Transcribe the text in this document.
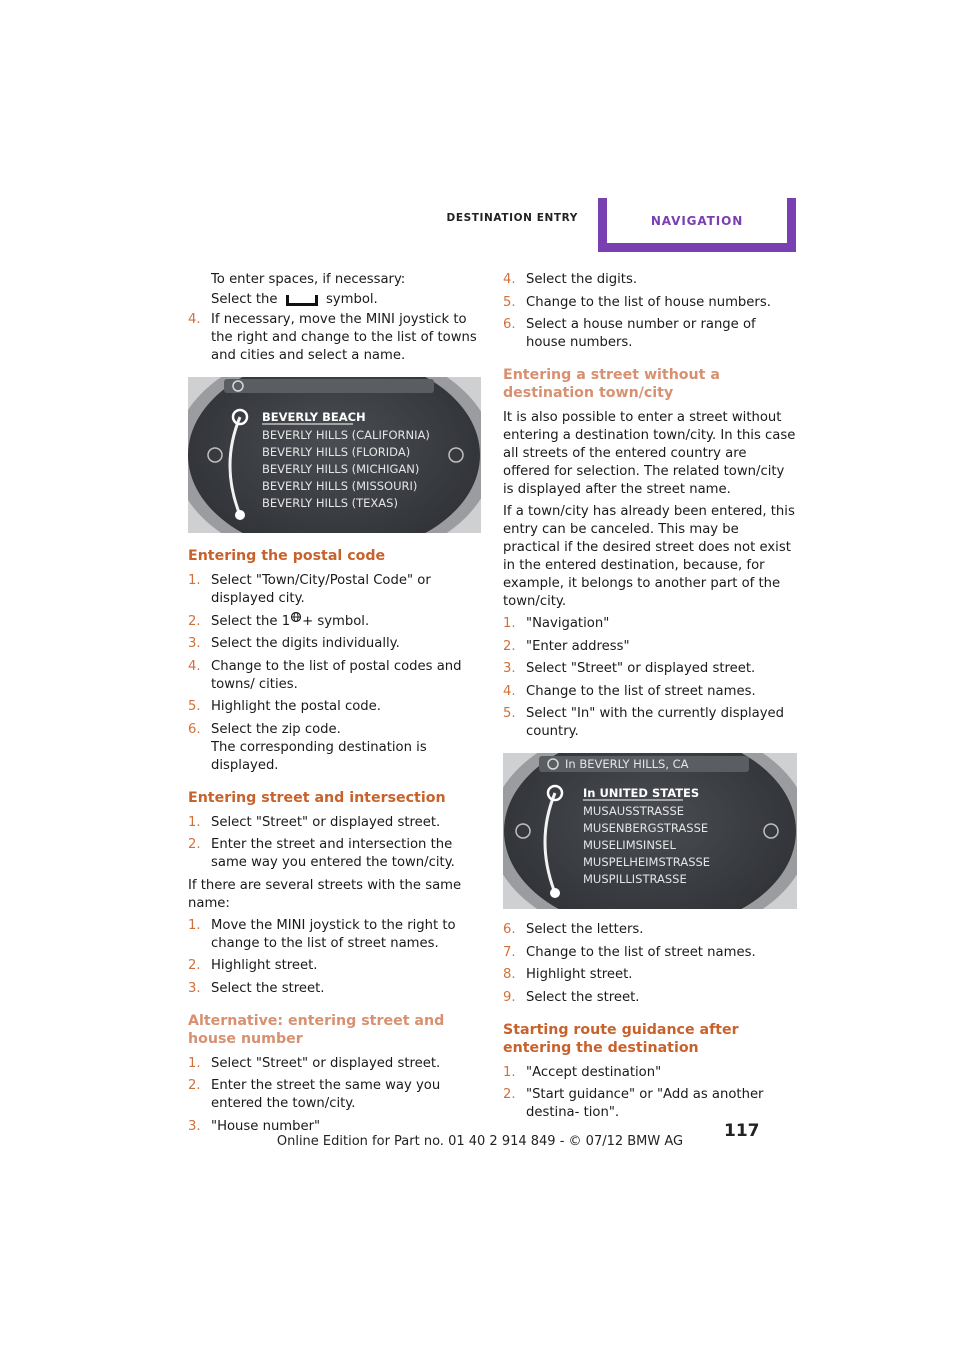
DESTINATION ENTRY	NAVIGATION
To enter spaces, if necessary:
Select the	symbol.
4. If necessary, move the MINI joystick to the right and change to the list of towns and cities and select a name.
BEVERLY BEACH
BEVERLY HILLS (CALIFORNIA)
BEVERLY HILLS (FLORIDA)
BEVERLY HILLS (MICHIGAN)
BEVERLY HILLS (MISSOURI)
BEVERLY HILLS (TEXAS)
Entering the postal code
1. Select "Town/City/Postal Code" or displayed city.
2. Select the 1 + symbol.
3. Select the digits individually.
4. Change to the list of postal codes and towns/ cities.
5. Highlight the postal code.
6. Select the zip code.
The corresponding destination is displayed.
Entering street and intersection
1. Select "Street" or displayed street.
2. Enter the street and intersection the same way you entered the town/city.

If there are several streets with the same name:

1. Move the MINI joystick to the right to change to the list of street names.
2. Highlight street.
3. Select the street.
Alternative: entering street and house number
1. Select "Street" or displayed street.
2. Enter the street the same way you entered the town/city.
3. "House number"
4. Select the digits.
5. Change to the list of house numbers.
6. Select a house number or range of house numbers.
Entering a street without a destination town/city

It is also possible to enter a street without entering a destination town/city. In this case all streets of the entered country are offered for selection. The related town/city is displayed after the street name.

If a town/city has already been entered, this entry can be canceled. This may be practical if the desired street does not exist in the entered destination, because, for example, it belongs to another part of the town/city.

1. "Navigation"
2. "Enter address"
3. Select "Street" or displayed street.
4. Change to the list of street names.
5. Select "In" with the currently displayed country.
In BEVERLY HILLS, CA
In UNITED STATES
MUSAUSSTRASSE
MUSENBERGSTRASSE
MUSELIMSINSEL
MUSPELHEIMSTRASSE
MUSPILLISTRASSE
6. Select the letters.
7. Change to the list of street names.
8. Highlight street.
9. Select the street.
Starting route guidance after entering the destination
1. "Accept destination"
2. "Start guidance" or "Add as another destina- tion".
117
Online Edition for Part no. 01 40 2 914 849 - © 07/12 BMW AG
